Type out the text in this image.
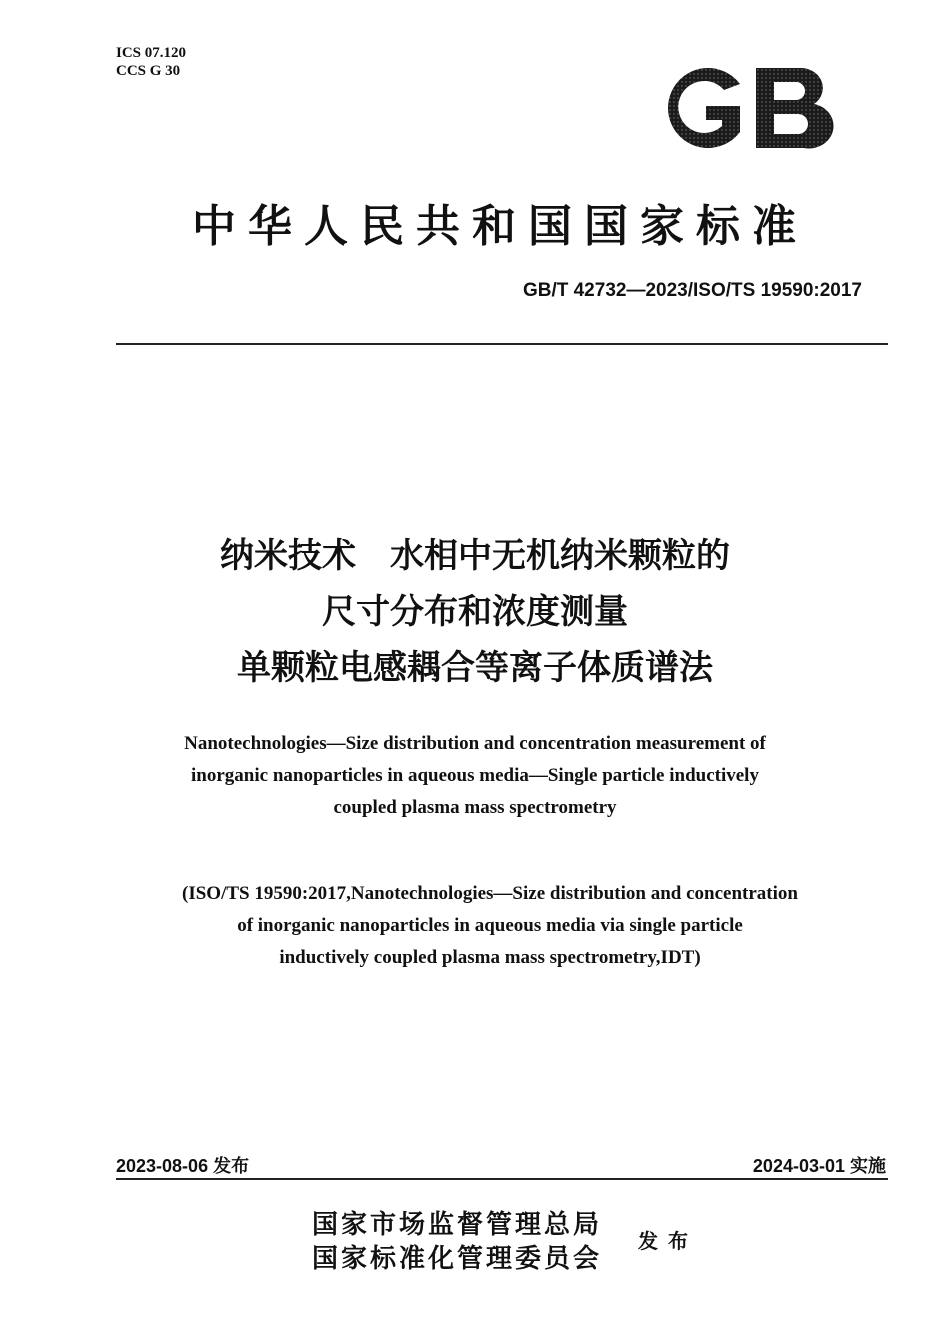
ICS 07.120
CCS G 30
中华人民共和国国家标准
GB/T 42732—2023/ISO/TS 19590:2017
纳米技术　水相中无机纳米颗粒的
尺寸分布和浓度测量
单颗粒电感耦合等离子体质谱法
Nanotechnologies—Size distribution and concentration measurement of
inorganic nanoparticles in aqueous media—Single particle inductively
coupled plasma mass spectrometry
(ISO/TS 19590:2017,Nanotechnologies—Size distribution and concentration
of inorganic nanoparticles in aqueous media via single particle
inductively coupled plasma mass spectrometry,IDT)
2023-08-06 发布	2024-03-01 实施
国家市场监督管理总局
国家标准化管理委员会
发布
